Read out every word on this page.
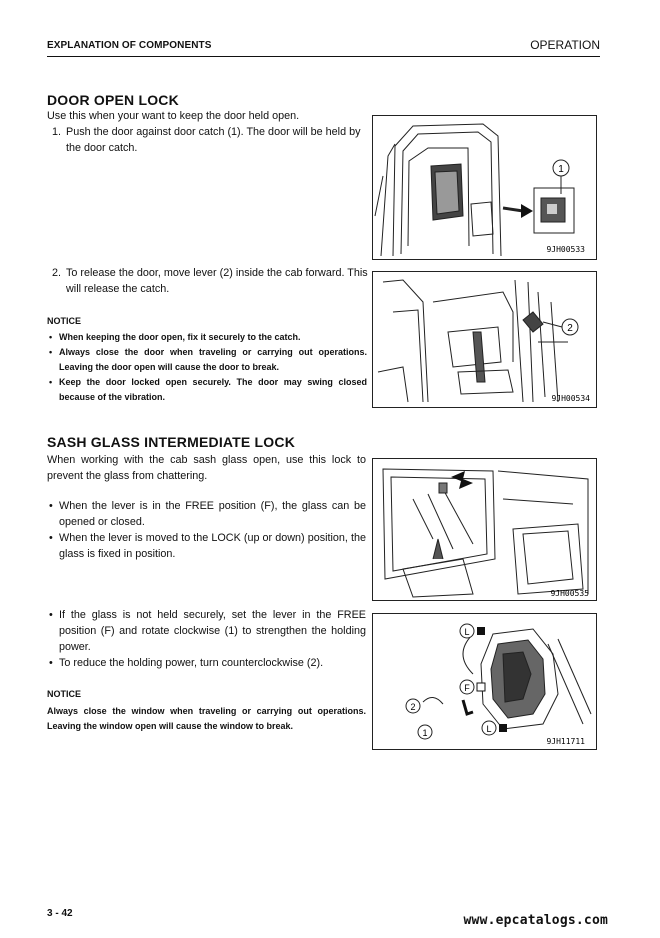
EXPLANATION OF COMPONENTS	OPERATION
DOOR OPEN LOCK
Use this when your want to keep the door held open.
1. Push the door against door catch (1). The door will be held by
the door catch.
1
9JH00533
2. To release the door, move lever (2) inside the cab forward. This
will release the catch.
2
9JH00534
NOTICE
• When keeping the door open, fix it securely to the catch.
• Always close the door when traveling or carrying out operations. Leaving the door open will cause the door to break.
• Keep the door locked open securely. The door may swing closed because of the vibration.
SASH GLASS INTERMEDIATE LOCK
When working with the cab sash glass open, use this lock to prevent the glass from chattering.
• When the lever is in the FREE position (F), the glass can be opened or closed.
• When the lever is moved to the LOCK (up or down) position, the glass is fixed in position.
9JH00535
• If the glass is not held securely, set the lever in the FREE position (F) and rotate clockwise (1) to strengthen the holding power.
• To reduce the holding power, turn counterclockwise (2).
L
F
L
2
1
9JH11711
NOTICE
Always close the window when traveling or carrying out operations. Leaving the window open will cause the window to break.
3 - 42	www.epcatalogs.com
